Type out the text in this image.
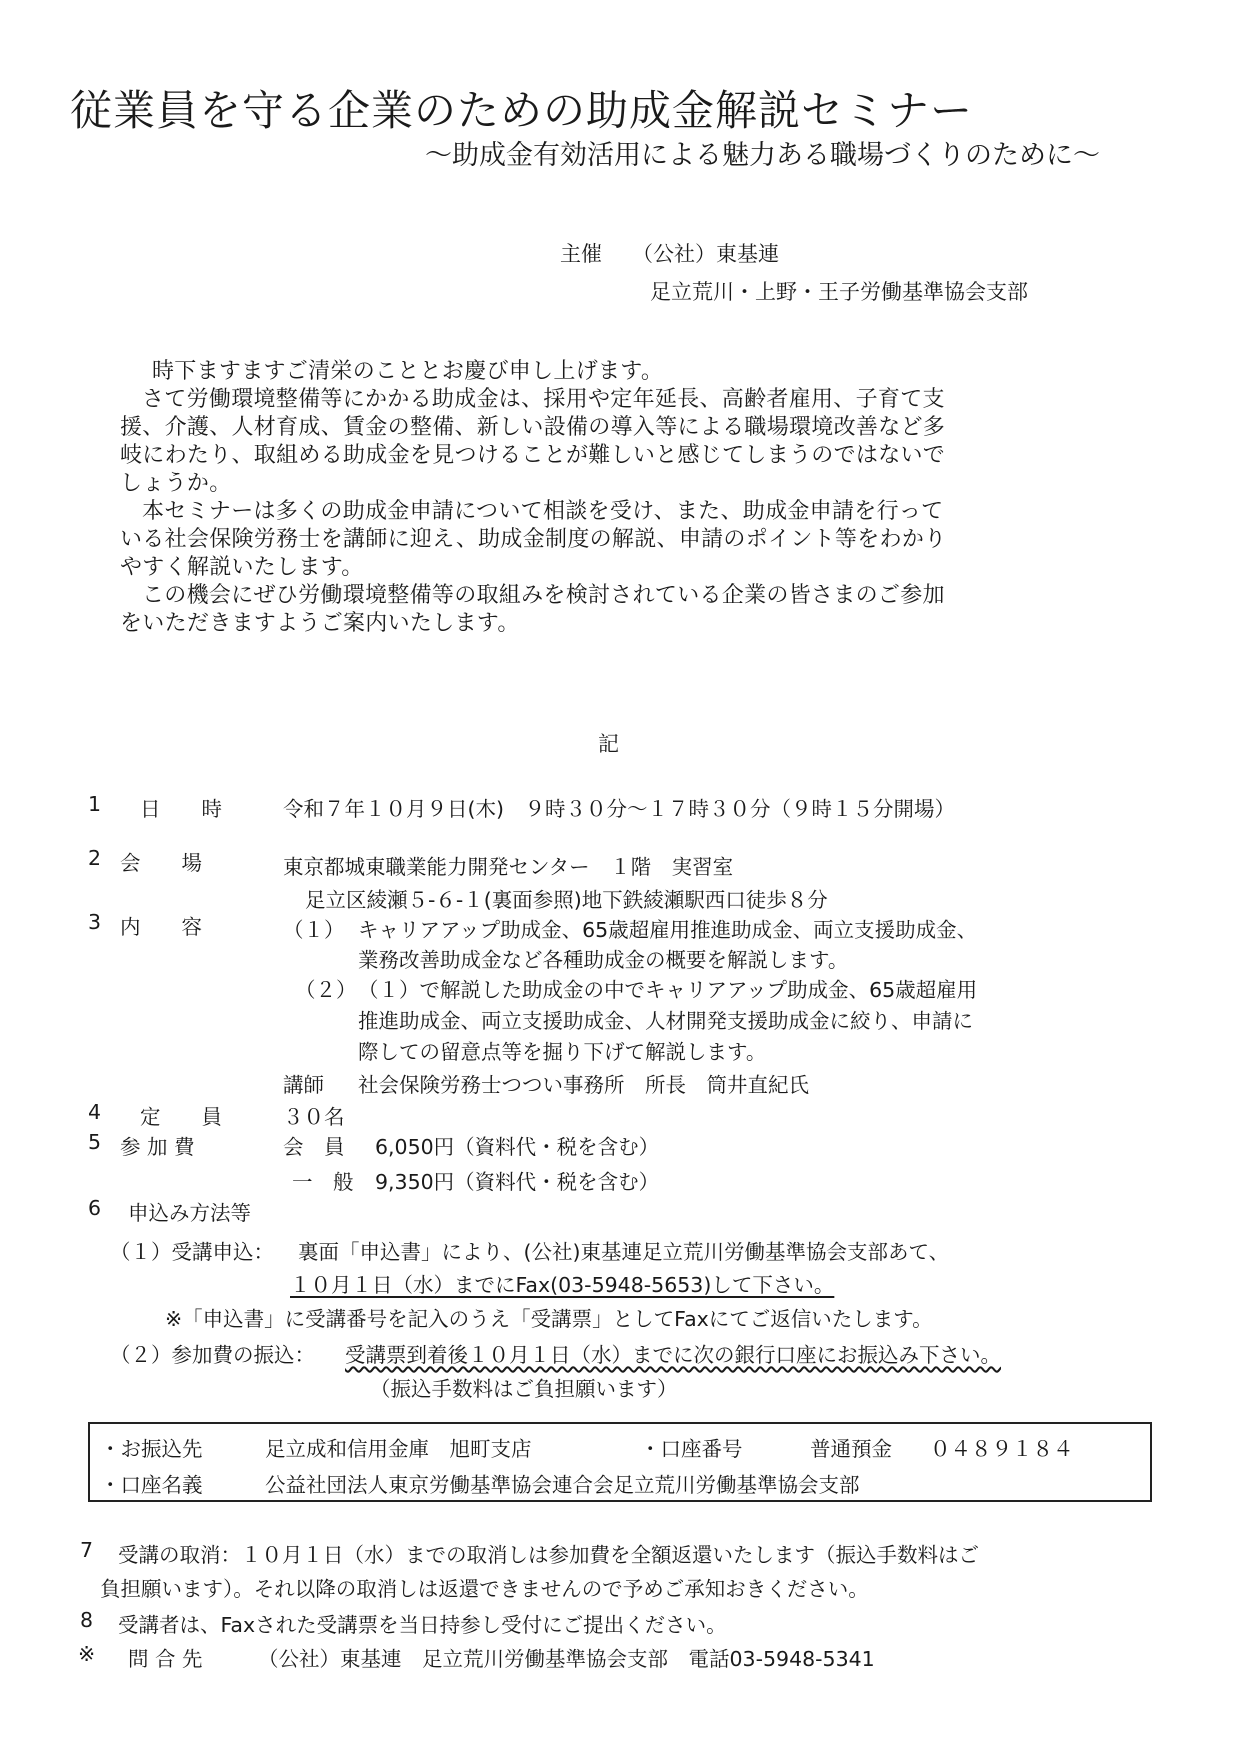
従業員を守る企業のための助成金解説セミナー
～助成金有効活用による魅力ある職場づくりのために～
主催 （公社）東基連
足立荒川・上野・王子労働基準協会支部
時下ますますご清栄のこととお慶び申し上げます。
さて労働環境整備等にかかる助成金は、採用や定年延長、高齢者雇用、子育て支
援、介護、人材育成、賃金の整備、新しい設備の導入等による職場環境改善など多
岐にわたり、取組める助成金を見つけることが難しいと感じてしまうのではないで
しょうか。
本セミナーは多くの助成金申請について相談を受け、また、助成金申請を行って
いる社会保険労務士を講師に迎え、助成金制度の解説、申請のポイント等をわかり
やすく解説いたします。
この機会にぜひ労働環境整備等の取組みを検討されている企業の皆さまのご参加
をいただきますようご案内いたします。
記
1 日　　時	令和７年１０月９日(木)　９時３０分～１７時３０分（９時１５分開場）
2 会　　場	東京都城東職業能力開発センター　１階　実習室
足立区綾瀬５-６-１(裏面参照)地下鉄綾瀬駅西口徒歩８分
3 内　　容	（１） キャリアアップ助成金、65歳超雇用推進助成金、両立支援助成金、
業務改善助成金など各種助成金の概要を解説します。
（２） （１）で解説した助成金の中でキャリアアップ助成金、65歳超雇用
推進助成金、両立支援助成金、人材開発支援助成金に絞り、申請に
際しての留意点等を掘り下げて解説します。
講師 社会保険労務士つつい事務所　所長　筒井直紀氏
4 定　　員	３０名
5 参 加 費	会　員 6,050円（資料代・税を含む）
一　般 9,350円（資料代・税を含む）
6 申込み方法等
（１）受講申込： 裏面「申込書」により、(公社)東基連足立荒川労働基準協会支部あて、
１０月１日（水）までにFax(03-5948-5653)して下さい。
※「申込書」に受講番号を記入のうえ「受講票」としてFaxにてご返信いたします。
（２）参加費の振込： 受講票到着後１０月１日（水）までに次の銀行口座にお振込み下さい。
（振込手数料はご負担願います）
・お振込先	足立成和信用金庫　旭町支店	・口座番号	普通預金 ０４８９１８４
・口座名義	公益社団法人東京労働基準協会連合会足立荒川労働基準協会支部
7 受講の取消：１０月１日（水）までの取消しは参加費を全額返還いたします（振込手数料はご
負担願います）。それ以降の取消しは返還できませんので予めご承知おきください。
8 受講者は、Faxされた受講票を当日持参し受付にご提出ください。
※ 問 合 先	（公社）東基連　足立荒川労働基準協会支部　電話03-5948-5341
